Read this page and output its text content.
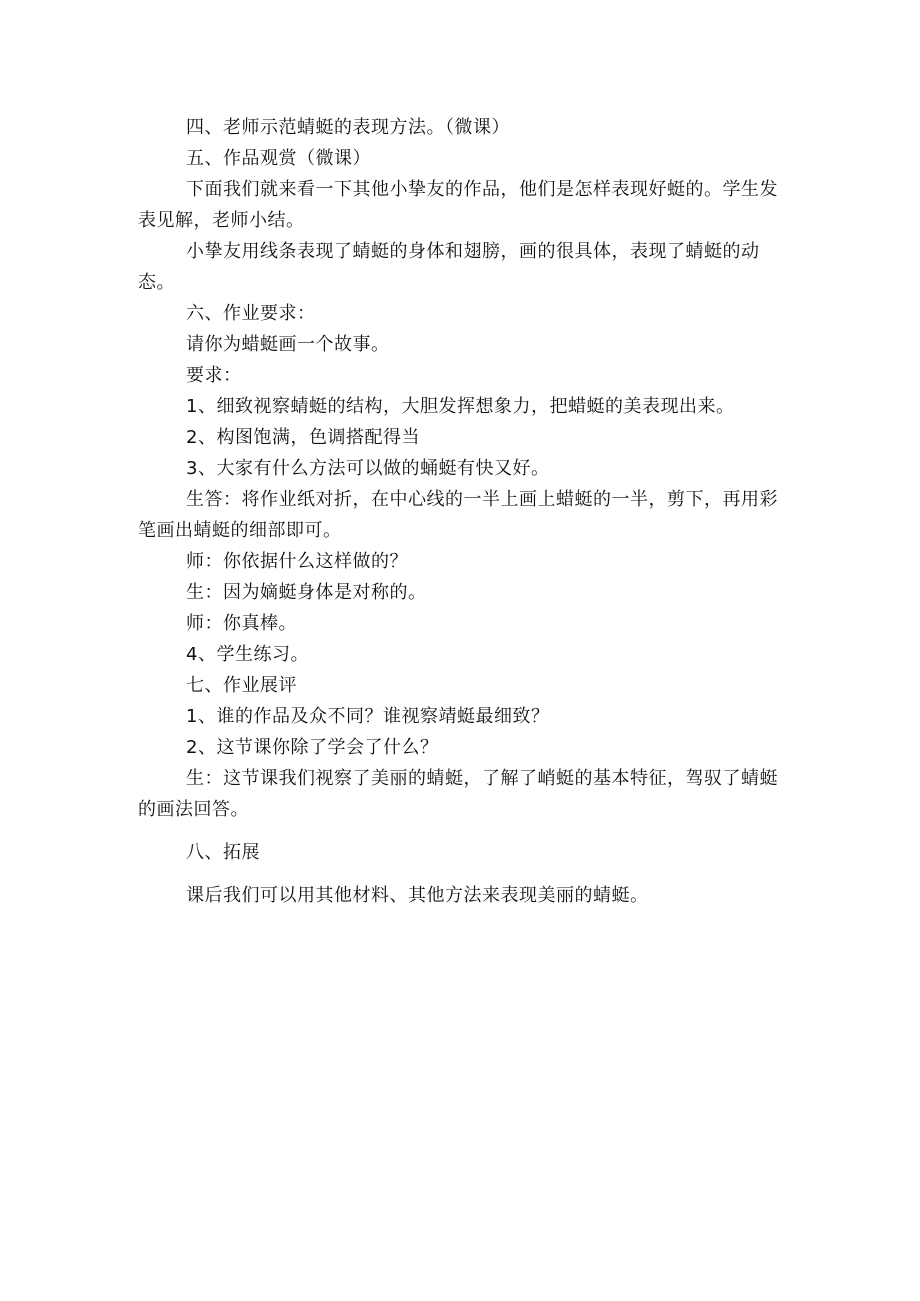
四、老师示范蜻蜓的表现方法。（微课）

五、作品观赏（微课）

下面我们就来看一下其他小挚友的作品，他们是怎样表现好蜓的。学生发表见解，老师小结。

小挚友用线条表现了蜻蜓的身体和翅膀，画的很具体，表现了蜻蜓的动态。

六、作业要求：

请你为蜡蜓画一个故事。

要求：

1、细致视察蜻蜓的结构，大胆发挥想象力，把蜡蜓的美表现出来。

2、构图饱满，色调搭配得当

3、大家有什么方法可以做的蛹蜓有快又好。

生答：将作业纸对折，在中心线的一半上画上蜡蜓的一半，剪下，再用彩笔画出蜻蜓的细部即可。

师：你依据什么这样做的？

生：因为嫡蜓身体是对称的。

师：你真棒。

4、学生练习。

七、作业展评

1、谁的作品及众不同？谁视察靖蜓最细致？

2、这节课你除了学会了什么？

生：这节课我们视察了美丽的蜻蜓，了解了峭蜓的基本特征，驾驭了蜻蜓的画法回答。

八、拓展

课后我们可以用其他材料、其他方法来表现美丽的蜻蜓。
